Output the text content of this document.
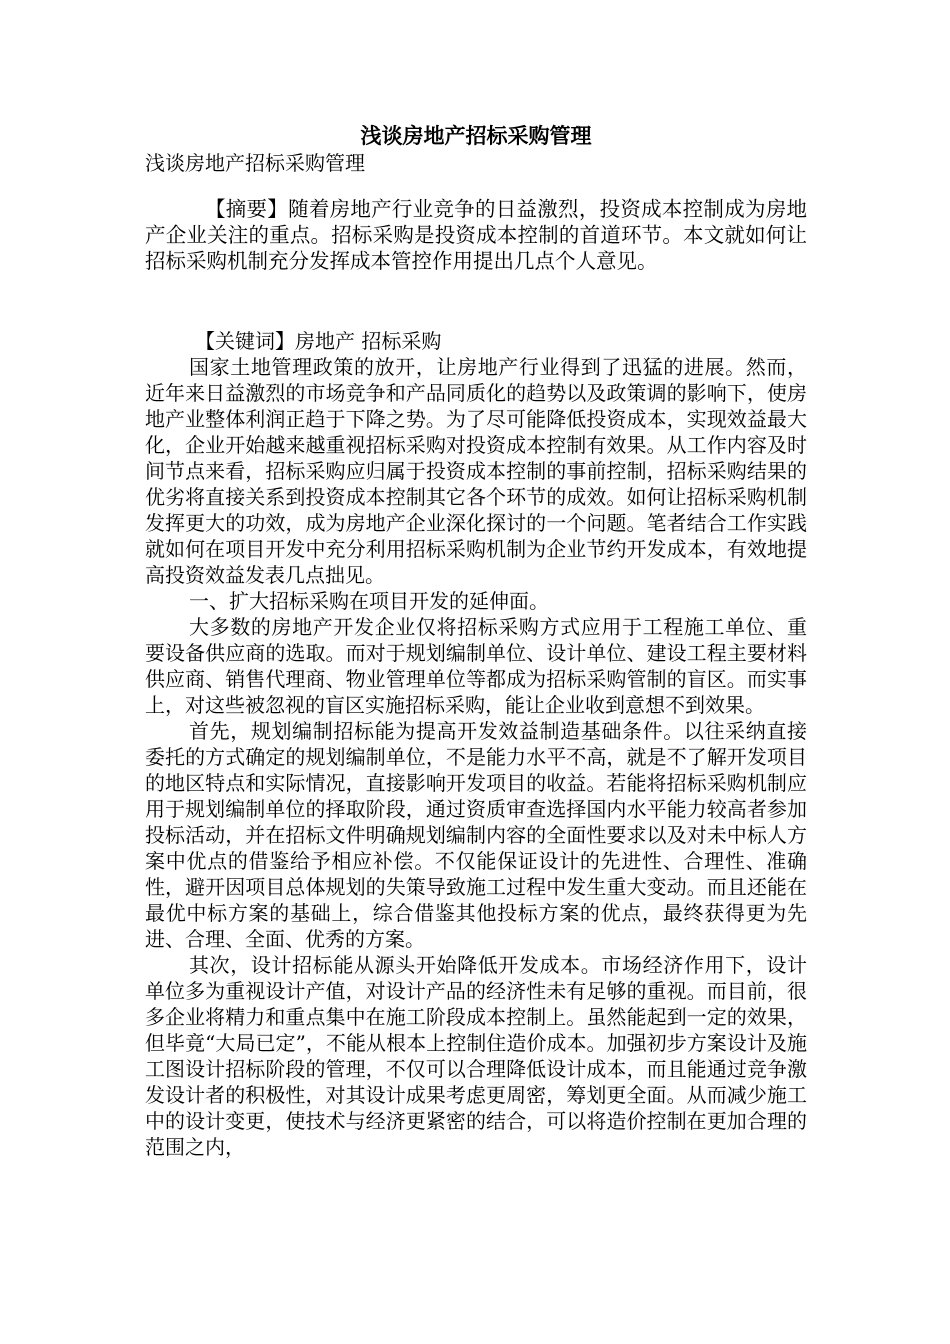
浅谈房地产招标采购管理

浅谈房地产招标采购管理

【摘要】随着房地产行业竞争的日益激烈，投资成本控制成为房地产企业关注的重点。招标采购是投资成本控制的首道环节。本文就如何让招标采购机制充分发挥成本管控作用提出几点个人意见。

【关键词】房地产 招标采购

国家土地管理政策的放开，让房地产行业得到了迅猛的进展。然而，近年来日益激烈的市场竞争和产品同质化的趋势以及政策调的影响下，使房地产业整体利润正趋于下降之势。为了尽可能降低投资成本，实现效益最大化，企业开始越来越重视招标采购对投资成本控制有效果。从工作内容及时间节点来看，招标采购应归属于投资成本控制的事前控制，招标采购结果的优劣将直接关系到投资成本控制其它各个环节的成效。如何让招标采购机制发挥更大的功效，成为房地产企业深化探讨的一个问题。笔者结合工作实践就如何在项目开发中充分利用招标采购机制为企业节约开发成本，有效地提高投资效益发表几点拙见。

一、扩大招标采购在项目开发的延伸面。

大多数的房地产开发企业仅将招标采购方式应用于工程施工单位、重要设备供应商的选取。而对于规划编制单位、设计单位、建设工程主要材料供应商、销售代理商、物业管理单位等都成为招标采购管制的盲区。而实事上，对这些被忽视的盲区实施招标采购，能让企业收到意想不到效果。

首先，规划编制招标能为提高开发效益制造基础条件。以往采纳直接委托的方式确定的规划编制单位，不是能力水平不高，就是不了解开发项目的地区特点和实际情况，直接影响开发项目的收益。若能将招标采购机制应用于规划编制单位的择取阶段，通过资质审查选择国内水平能力较高者参加投标活动，并在招标文件明确规划编制内容的全面性要求以及对未中标人方案中优点的借鉴给予相应补偿。不仅能保证设计的先进性、合理性、准确性，避开因项目总体规划的失策导致施工过程中发生重大变动。而且还能在最优中标方案的基础上，综合借鉴其他投标方案的优点，最终获得更为先进、合理、全面、优秀的方案。

其次，设计招标能从源头开始降低开发成本。市场经济作用下，设计单位多为重视设计产值，对设计产品的经济性未有足够的重视。而目前，很多企业将精力和重点集中在施工阶段成本控制上。虽然能起到一定的效果，但毕竟“大局已定”，不能从根本上控制住造价成本。加强初步方案设计及施工图设计招标阶段的管理，不仅可以合理降低设计成本，而且能通过竞争激发设计者的积极性，对其设计成果考虑更周密，筹划更全面。从而减少施工中的设计变更，使技术与经济更紧密的结合，可以将造价控制在更加合理的范围之内，
